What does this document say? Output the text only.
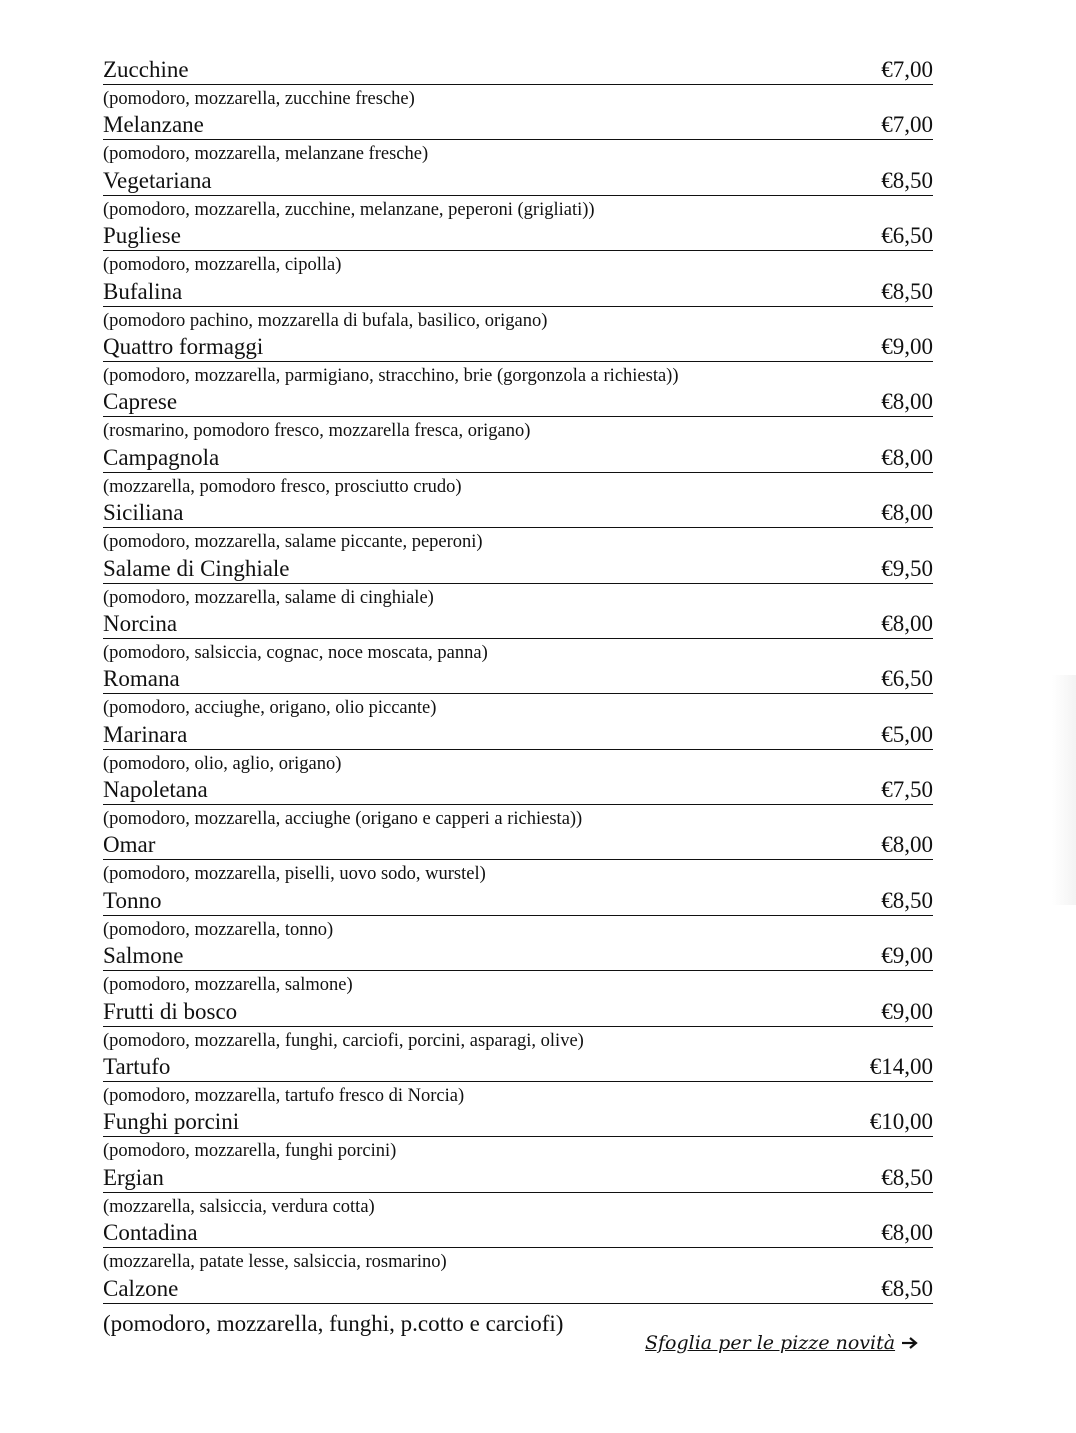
Zucchine	€7,00
(pomodoro, mozzarella, zucchine fresche)
Melanzane	€7,00
(pomodoro, mozzarella, melanzane fresche)
Vegetariana	€8,50
(pomodoro, mozzarella, zucchine, melanzane, peperoni (grigliati))
Pugliese	€6,50
(pomodoro, mozzarella, cipolla)
Bufalina	€8,50
(pomodoro pachino, mozzarella di bufala, basilico, origano)
Quattro formaggi	€9,00
(pomodoro, mozzarella, parmigiano, stracchino, brie (gorgonzola a richiesta))
Caprese	€8,00
(rosmarino, pomodoro fresco, mozzarella fresca, origano)
Campagnola	€8,00
(mozzarella, pomodoro fresco, prosciutto crudo)
Siciliana	€8,00
(pomodoro, mozzarella, salame piccante, peperoni)
Salame di Cinghiale	€9,50
(pomodoro, mozzarella, salame di cinghiale)
Norcina	€8,00
(pomodoro, salsiccia, cognac, noce moscata, panna)
Romana	€6,50
(pomodoro, acciughe, origano, olio piccante)
Marinara	€5,00
(pomodoro, olio, aglio, origano)
Napoletana	€7,50
(pomodoro, mozzarella, acciughe (origano e capperi a richiesta))
Omar	€8,00
(pomodoro, mozzarella, piselli, uovo sodo, wurstel)
Tonno	€8,50
(pomodoro, mozzarella, tonno)
Salmone	€9,00
(pomodoro, mozzarella, salmone)
Frutti di bosco	€9,00
(pomodoro, mozzarella, funghi, carciofi, porcini, asparagi, olive)
Tartufo	€14,00
(pomodoro, mozzarella, tartufo fresco di Norcia)
Funghi porcini	€10,00
(pomodoro, mozzarella, funghi porcini)
Ergian	€8,50
(mozzarella, salsiccia, verdura cotta)
Contadina	€8,00
(mozzarella, patate lesse, salsiccia, rosmarino)
Calzone	€8,50
(pomodoro, mozzarella, funghi, p.cotto e carciofi)
Sfoglia per le pizze novità
